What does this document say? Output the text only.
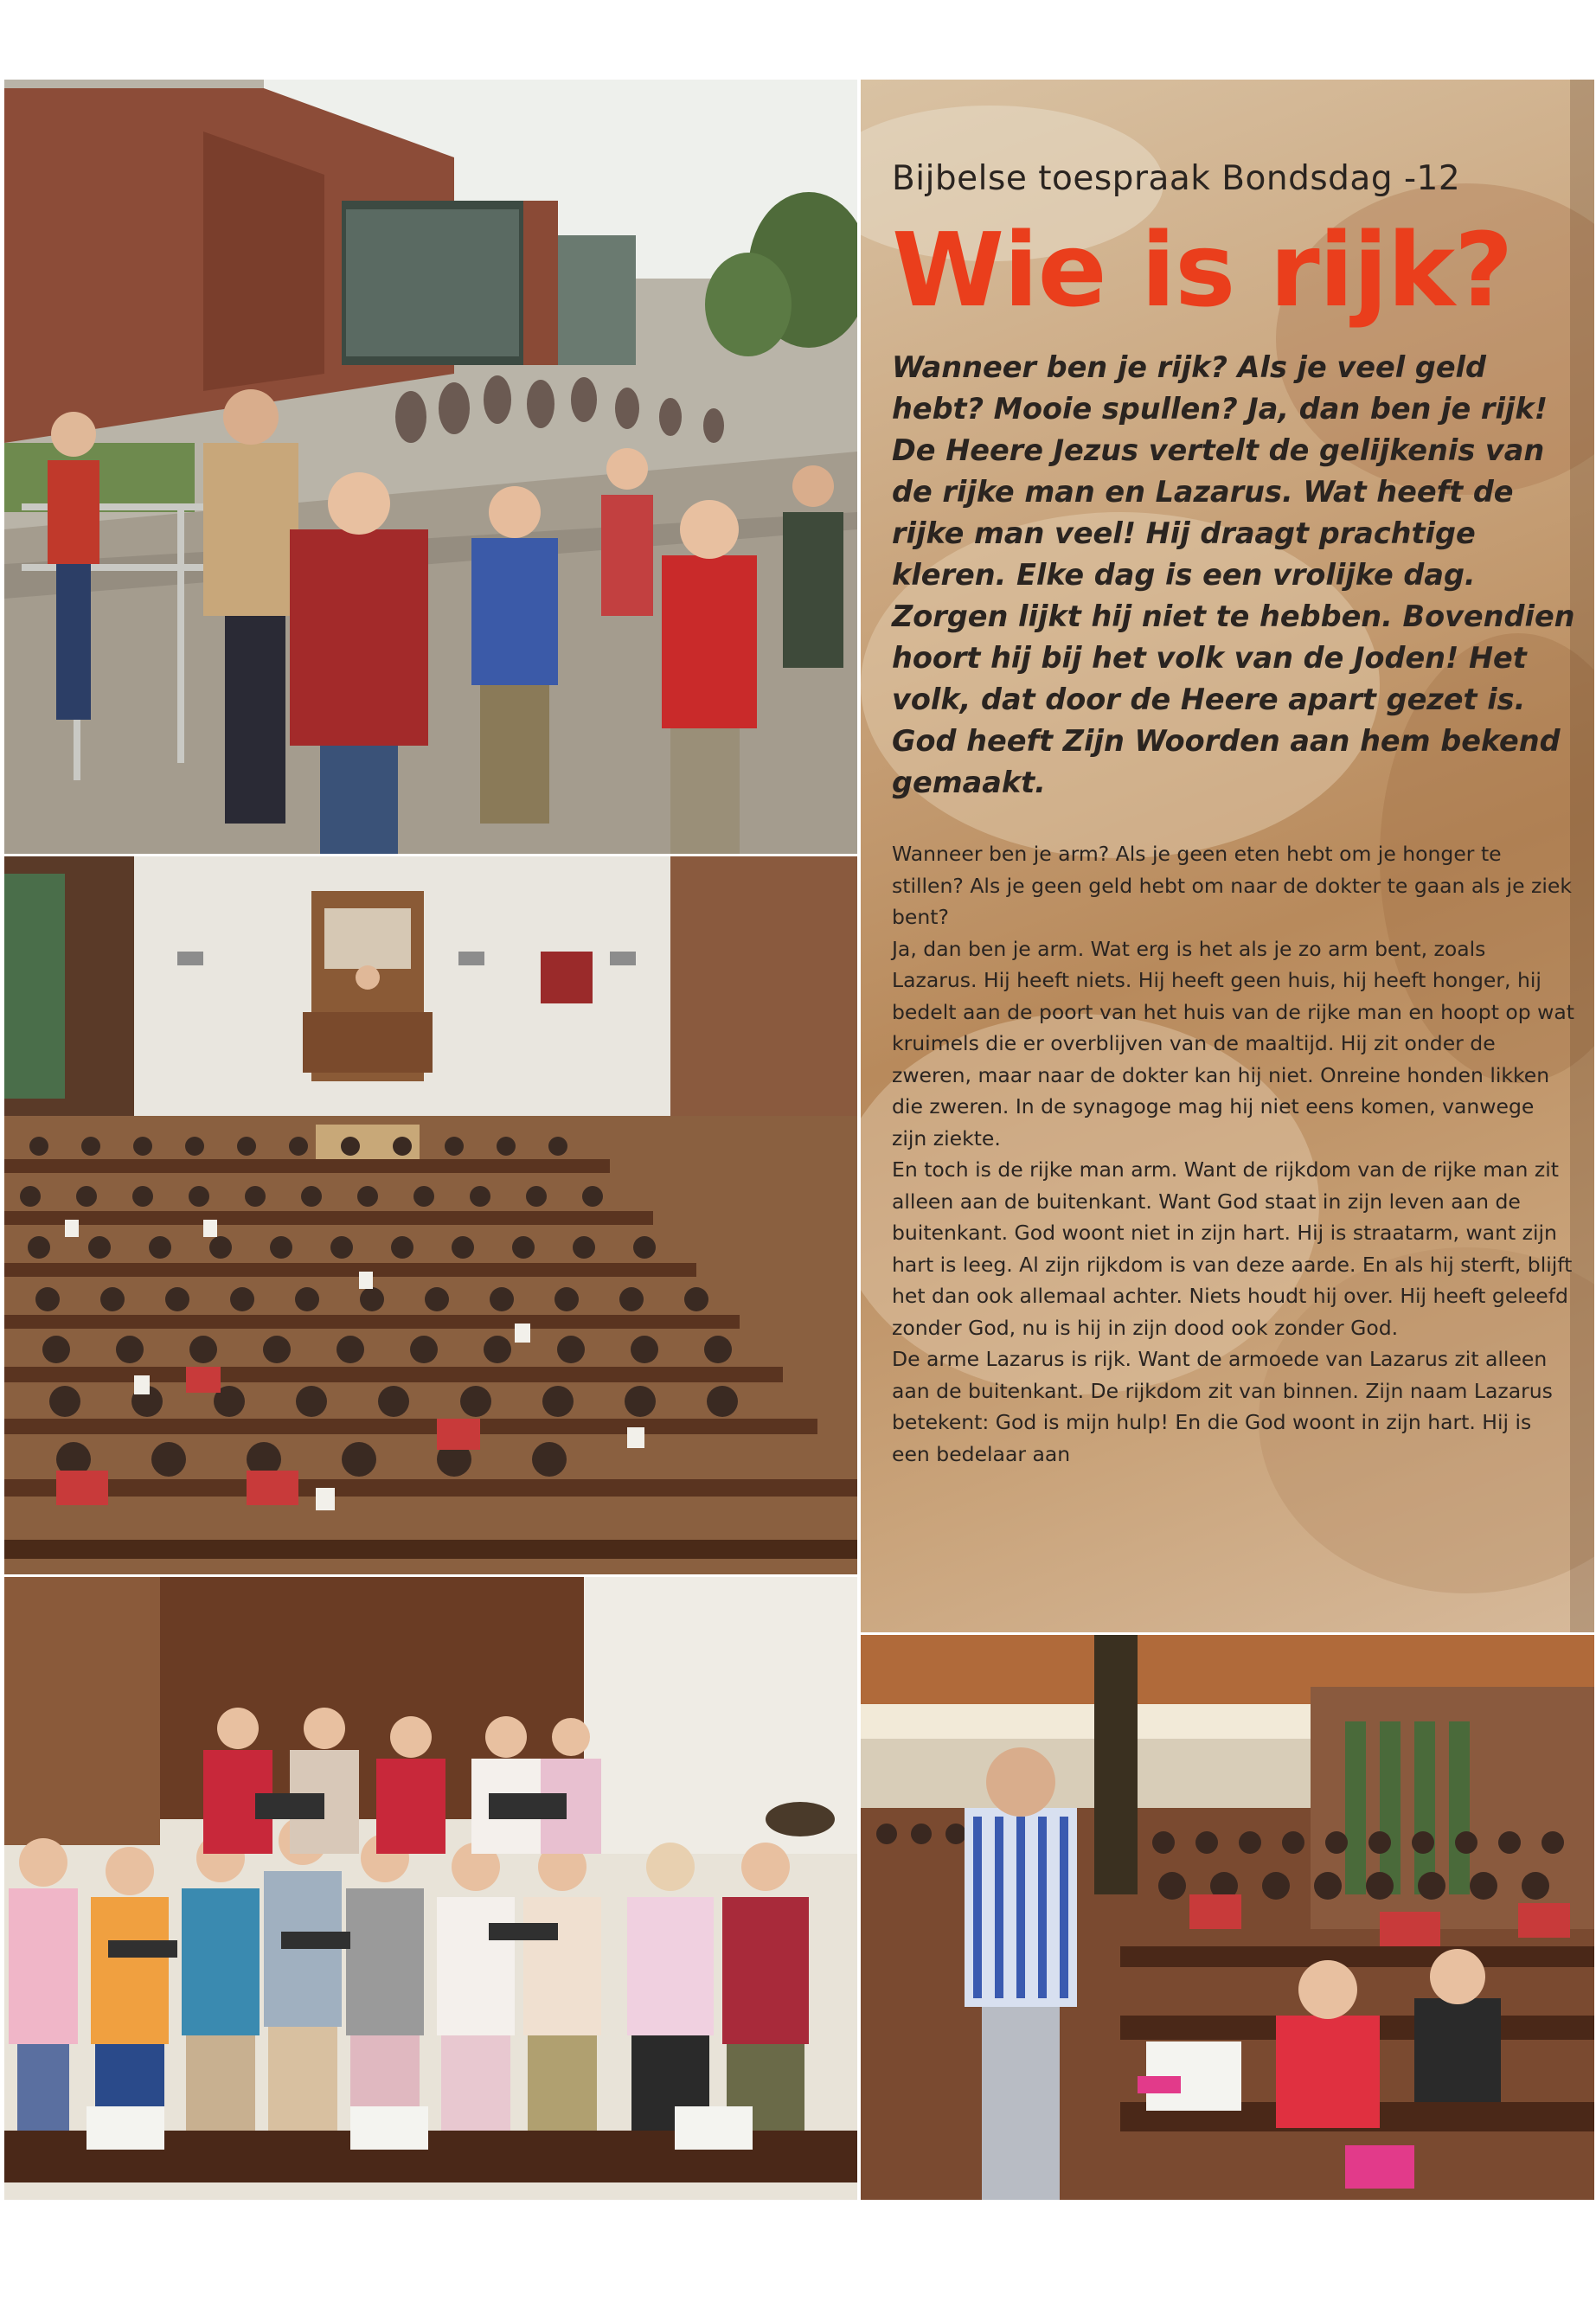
Bijbelse toespraak Bondsdag -12
Wie is rijk?

Wanneer ben je rijk? Als je veel geld hebt? Mooie spullen? Ja, dan ben je rijk! De Heere Jezus vertelt de gelijkenis van de rijke man en Lazarus. Wat heeft de rijke man veel! Hij draagt prachtige kleren. Elke dag is een vrolijke dag. Zorgen lijkt hij niet te hebben. Bovendien hoort hij bij het volk van de Joden! Het volk, dat door de Heere apart gezet is. God heeft Zijn Woorden aan hem bekend gemaakt.

Wanneer ben je arm? Als je geen eten hebt om je honger te stillen? Als je geen geld hebt om naar de dokter te gaan als je ziek bent?

Ja, dan ben je arm. Wat erg is het als je zo arm bent, zoals Lazarus. Hij heeft niets. Hij heeft geen huis, hij heeft honger, hij bedelt aan de poort van het huis van de rijke man en hoopt op wat kruimels die er overblijven van de maaltijd. Hij zit onder de zweren, maar naar de dokter kan hij niet. Onreine honden likken die zweren. In de synagoge mag hij niet eens komen, vanwege zijn ziekte.

En toch is de rijke man arm. Want de rijkdom van de rijke man zit alleen aan de buitenkant. Want God staat in zijn leven aan de buitenkant. God woont niet in zijn hart. Hij is straatarm, want zijn hart is leeg. Al zijn rijkdom is van deze aarde. En als hij sterft, blijft het dan ook allemaal achter. Niets houdt hij over. Hij heeft geleefd zonder God, nu is hij in zijn dood ook zonder God.

De arme Lazarus is rijk. Want de armoede van Lazarus zit alleen aan de buitenkant. De rijkdom zit van binnen. Zijn naam Lazarus betekent: God is mijn hulp! En die God woont in zijn hart. Hij is een bedelaar aan
